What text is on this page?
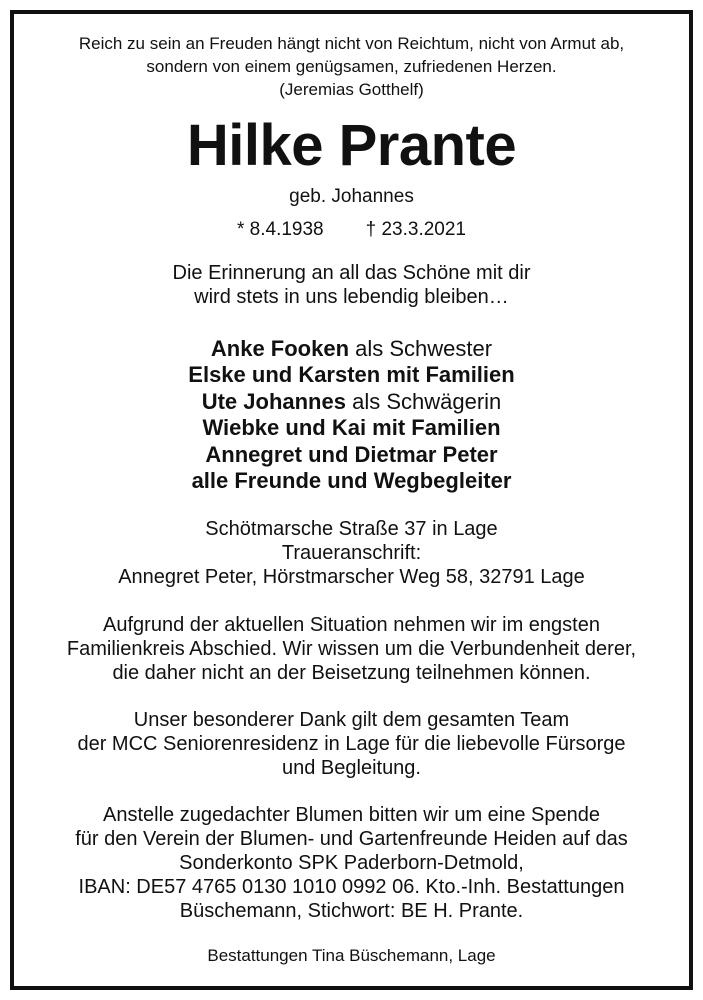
Reich zu sein an Freuden hängt nicht von Reichtum, nicht von Armut ab,
sondern von einem genügsamen, zufriedenen Herzen.
(Jeremias Gotthelf)
Hilke Prante
geb. Johannes
* 8.4.1938 † 23.3.2021
Die Erinnerung an all das Schöne mit dir
wird stets in uns lebendig bleiben…
Anke Fooken als Schwester
Elske und Karsten mit Familien
Ute Johannes als Schwägerin
Wiebke und Kai mit Familien
Annegret und Dietmar Peter
alle Freunde und Wegbegleiter
Schötmarsche Straße 37 in Lage
Traueranschrift:
Annegret Peter, Hörstmarscher Weg 58, 32791 Lage
Aufgrund der aktuellen Situation nehmen wir im engsten
Familienkreis Abschied. Wir wissen um die Verbundenheit derer,
die daher nicht an der Beisetzung teilnehmen können.
Unser besonderer Dank gilt dem gesamten Team
der MCC Seniorenresidenz in Lage für die liebevolle Fürsorge
und Begleitung.
Anstelle zugedachter Blumen bitten wir um eine Spende
für den Verein der Blumen- und Gartenfreunde Heiden auf das
Sonderkonto SPK Paderborn-Detmold,
IBAN: DE57 4765 0130 1010 0992 06. Kto.-Inh. Bestattungen
Büschemann, Stichwort: BE H. Prante.
Bestattungen Tina Büschemann, Lage
